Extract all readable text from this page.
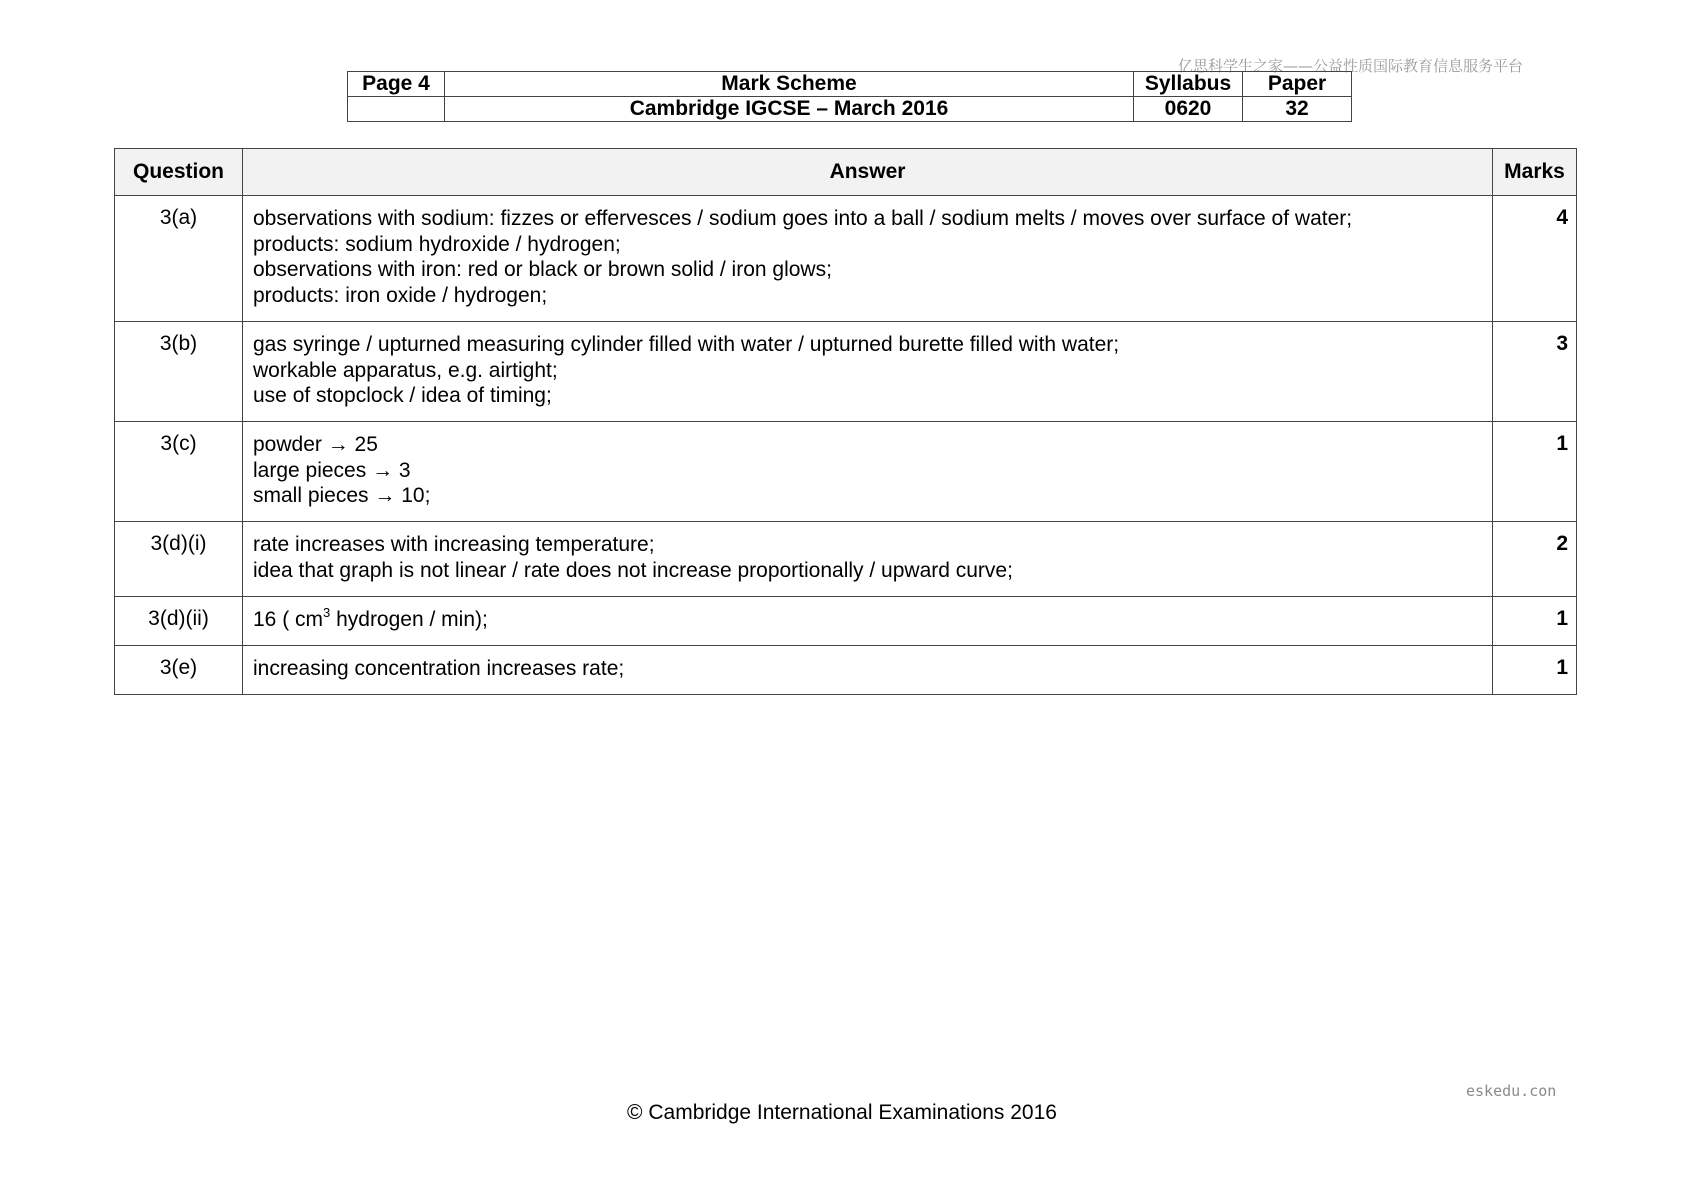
亿思科学生之家——公益性质国际教育信息服务平台
Page 4	Mark Scheme	Syllabus	Paper
	Cambridge IGCSE – March 2016	0620	32
Question	Answer	Marks
3(a)	observations with sodium: fizzes or effervesces / sodium goes into a ball / sodium melts / moves over surface of water;
products: sodium hydroxide / hydrogen;
observations with iron: red or black or brown solid / iron glows;
products: iron oxide / hydrogen;	4
3(b)	gas syringe / upturned measuring cylinder filled with water / upturned burette filled with water;
workable apparatus, e.g. airtight;
use of stopclock / idea of timing;	3
3(c)	powder → 25
large pieces → 3
small pieces → 10;	1
3(d)(i)	rate increases with increasing temperature;
idea that graph is not linear / rate does not increase proportionally / upward curve;	2
3(d)(ii)	16 ( $cm^3$ hydrogen / min);	1
3(e)	increasing concentration increases rate;	1
eskedu.con
© Cambridge International Examinations 2016
